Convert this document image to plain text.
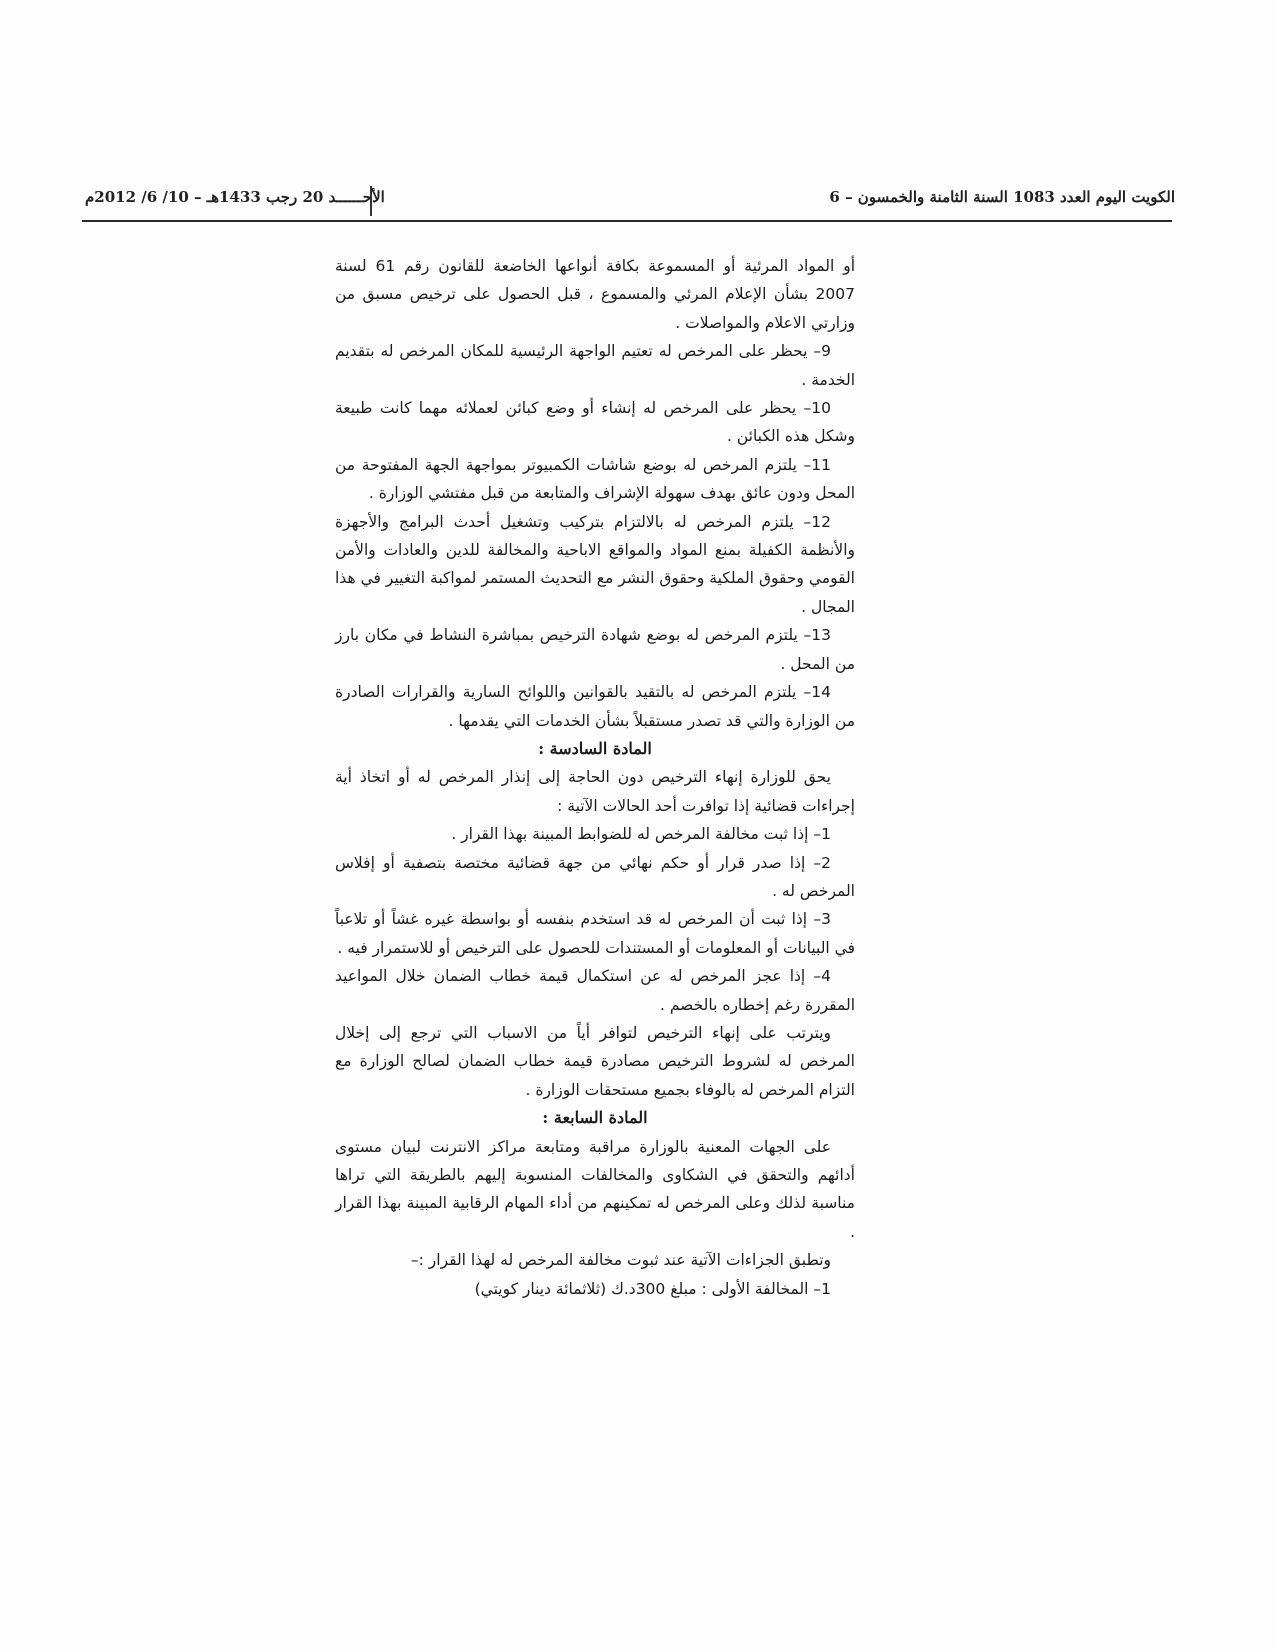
الكويت اليوم العدد 1083 السنة الثامنة والخمسون – 6
الأحــــــد 20 رجب 1433هـ – 10/ 6/ 2012م

أو المواد المرئية أو المسموعة بكافة أنواعها الخاضعة للقانون رقم 61 لسنة 2007 بشأن الإعلام المرئي والمسموع ، قبل الحصول على ترخيص مسبق من وزارتي الاعلام والمواصلات .

9– يحظر على المرخص له تعتيم الواجهة الرئيسية للمكان المرخص له بتقديم الخدمة .

10– يحظر على المرخص له إنشاء أو وضع كبائن لعملائه مهما كانت طبيعة وشكل هذه الكبائن .

11– يلتزم المرخص له بوضع شاشات الكمبيوتر بمواجهة الجهة المفتوحة من المحل ودون عائق بهدف سهولة الإشراف والمتابعة من قبل مفتشي الوزارة .

12– يلتزم المرخص له بالالتزام بتركيب وتشغيل أحدث البرامج والأجهزة والأنظمة الكفيلة بمنع المواد والمواقع الاباحية والمخالفة للدين والعادات والأمن القومي وحقوق الملكية وحقوق النشر مع التحديث المستمر لمواكبة التغيير في هذا المجال .

13– يلتزم المرخص له بوضع شهادة الترخيص بمباشرة النشاط في مكان بارز من المحل .

14– يلتزم المرخص له بالتقيد بالقوانين واللوائح السارية والقرارات الصادرة من الوزارة والتي قد تصدر مستقبلاً بشأن الخدمات التي يقدمها .

المادة السادسة :

يحق للوزارة إنهاء الترخيص دون الحاجة إلى إنذار المرخص له أو اتخاذ أية إجراءات قضائية إذا توافرت أحد الحالات الآتية :

1– إذا ثبت مخالفة المرخص له للضوابط المبينة بهذا القرار .

2– إذا صدر قرار أو حكم نهائي من جهة قضائية مختصة بتصفية أو إفلاس المرخص له .

3– إذا ثبت أن المرخص له قد استخدم بنفسه أو بواسطة غيره غشاً أو تلاعباً في البيانات أو المعلومات أو المستندات للحصول على الترخيص أو للاستمرار فيه .

4– إذا عجز المرخص له عن استكمال قيمة خطاب الضمان خلال المواعيد المقررة رغم إخطاره بالخصم .

ويترتب على إنهاء الترخيص لتوافر أياً من الاسباب التي ترجع إلى إخلال المرخص له لشروط الترخيص مصادرة قيمة خطاب الضمان لصالح الوزارة مع التزام المرخص له بالوفاء بجميع مستحقات الوزارة .

المادة السابعة :

على الجهات المعنية بالوزارة مراقبة ومتابعة مراكز الانترنت لبيان مستوى أدائهم والتحقق في الشكاوى والمخالفات المنسوبة إليهم بالطريقة التي تراها مناسبة لذلك وعلى المرخص له تمكينهم من أداء المهام الرقابية المبينة بهذا القرار .

وتطبق الجزاءات الآتية عند ثبوت مخالفة المرخص له لهذا القرار :–

1– المخالفة الأولى : مبلغ 300د.ك (ثلاثمائة دينار كويتي)
